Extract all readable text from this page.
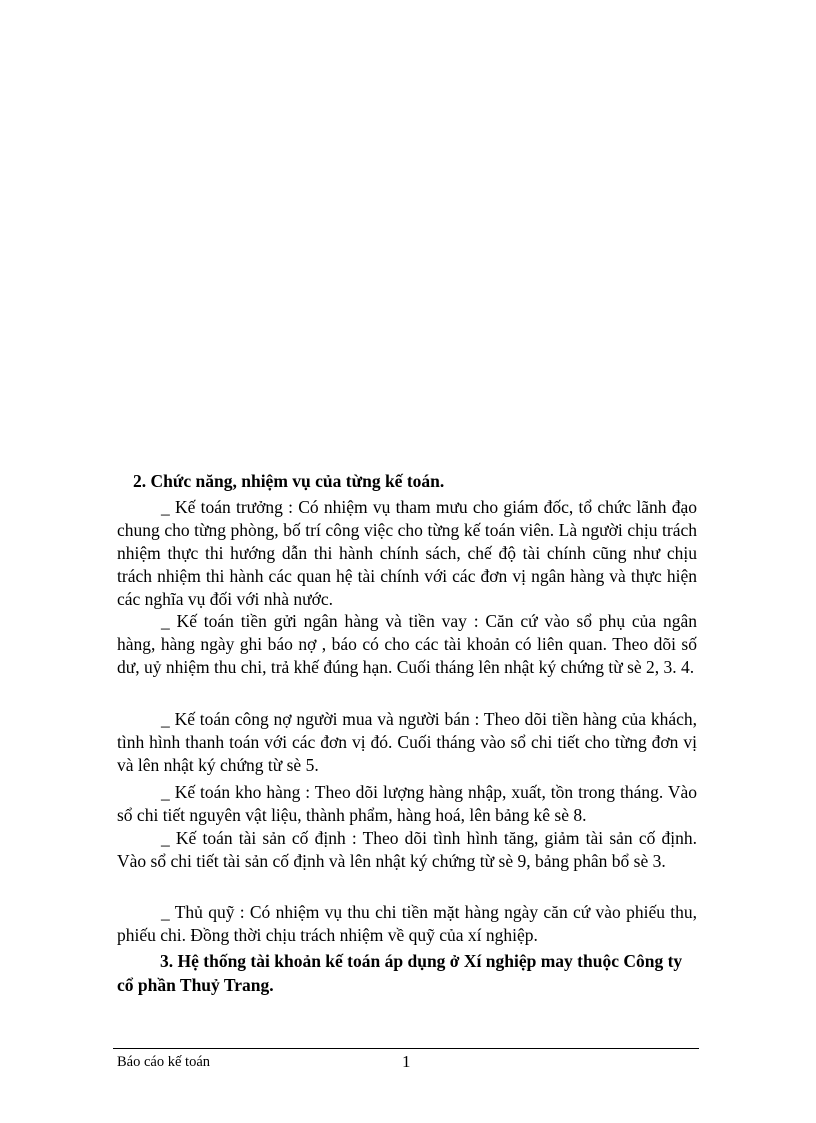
2. Chức năng, nhiệm vụ của từng kế toán.

_ Kế toán trưởng : Có nhiệm vụ tham mưu cho giám đốc, tổ chức lãnh đạo chung cho từng phòng, bố trí công việc cho từng kế toán viên. Là người chịu trách nhiệm thực thi hướng dẫn thi hành chính sách, chế độ tài chính cũng như chịu trách nhiệm thi hành các quan hệ tài chính với các đơn vị ngân hàng và thực hiện các nghĩa vụ đối với nhà nước.

_ Kế toán tiền gửi ngân hàng và tiền vay : Căn cứ vào sổ phụ của ngân hàng, hàng ngày ghi báo nợ , báo có cho các tài khoản có liên quan. Theo dõi số dư, uỷ nhiệm thu chi, trả khế đúng hạn. Cuối tháng lên nhật ký chứng từ sè 2, 3. 4.

_ Kế toán công nợ người mua và người bán : Theo dõi tiền hàng của khách, tình hình thanh toán với các đơn vị đó. Cuối tháng vào sổ chi tiết cho từng đơn vị và lên nhật ký chứng từ sè 5.

_ Kế toán kho hàng : Theo dõi lượng hàng nhập, xuất, tồn trong tháng. Vào sổ chi tiết nguyên vật liệu, thành phẩm, hàng hoá, lên bảng kê sè 8.

_ Kế toán tài sản cố định : Theo dõi tình hình tăng, giảm tài sản cố định. Vào sổ chi tiết tài sản cố định và lên nhật ký chứng từ sè 9, bảng phân bổ sè 3.

_ Thủ quỹ : Có nhiệm vụ thu chi tiền mặt hàng ngày căn cứ vào phiếu thu, phiếu chi. Đồng thời chịu trách nhiệm về quỹ của xí nghiệp.

3. Hệ thống tài khoản kế toán áp dụng ở Xí nghiệp may thuộc Công ty
cổ phần Thuỷ Trang.
Báo cáo kế toán	1
